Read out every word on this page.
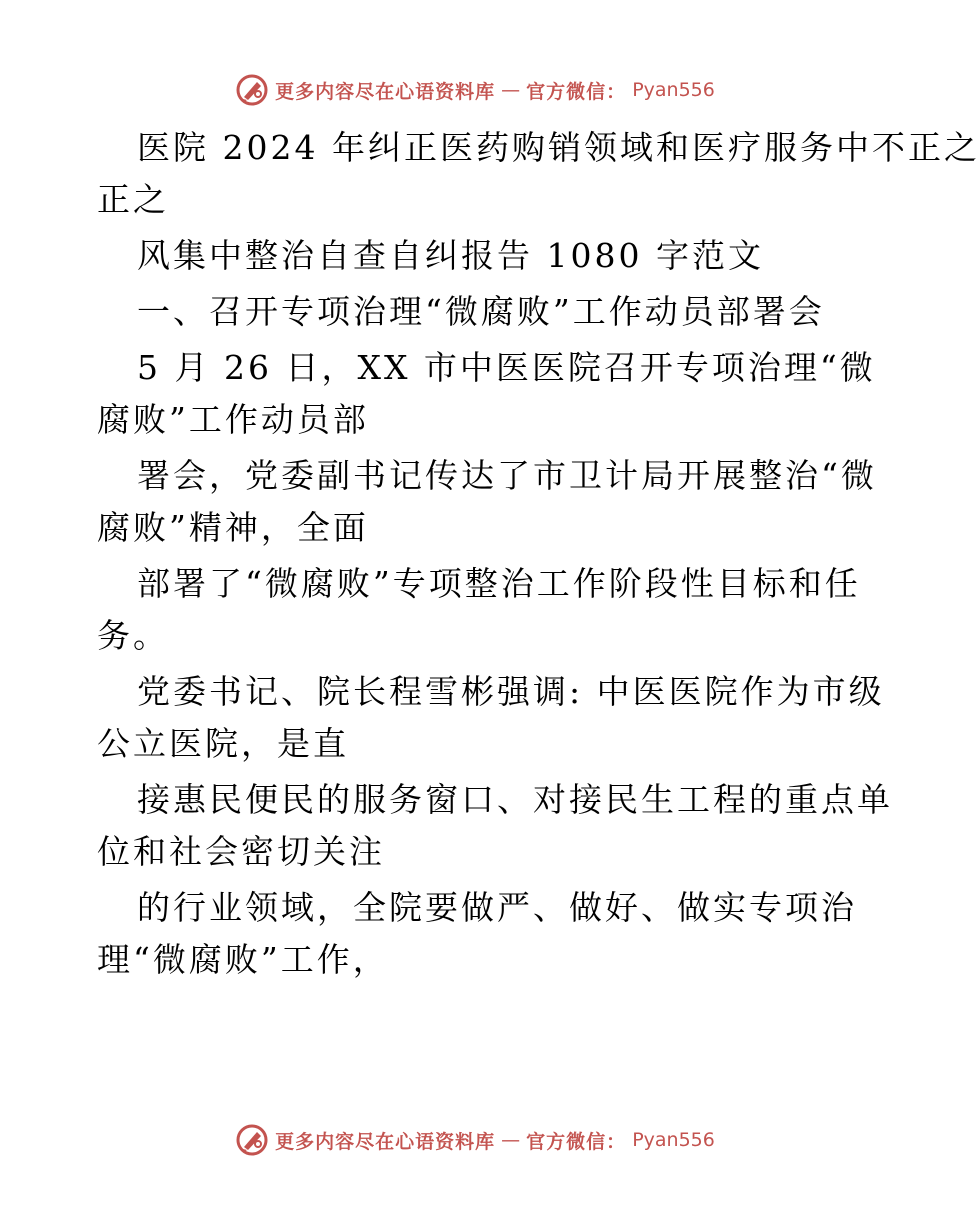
更多内容尽在心语资料库 — 官方微信： Pyan556
医院 2024 年纠正医药购销领域和医疗服务中不正之
正之
风集中整治自查自纠报告 1080 字范文
一、召开专项治理“微腐败”工作动员部署会
5 月 26 日，XX 市中医医院召开专项治理“微
腐败”工作动员部
署会，党委副书记传达了市卫计局开展整治“微
腐败”精神，全面
部署了“微腐败”专项整治工作阶段性目标和任
务。
党委书记、院长程雪彬强调: 中医医院作为市级
公立医院，是直
接惠民便民的服务窗口、对接民生工程的重点单
位和社会密切关注
的行业领域，全院要做严、做好、做实专项治
理“微腐败”工作，
更多内容尽在心语资料库 — 官方微信： Pyan556
